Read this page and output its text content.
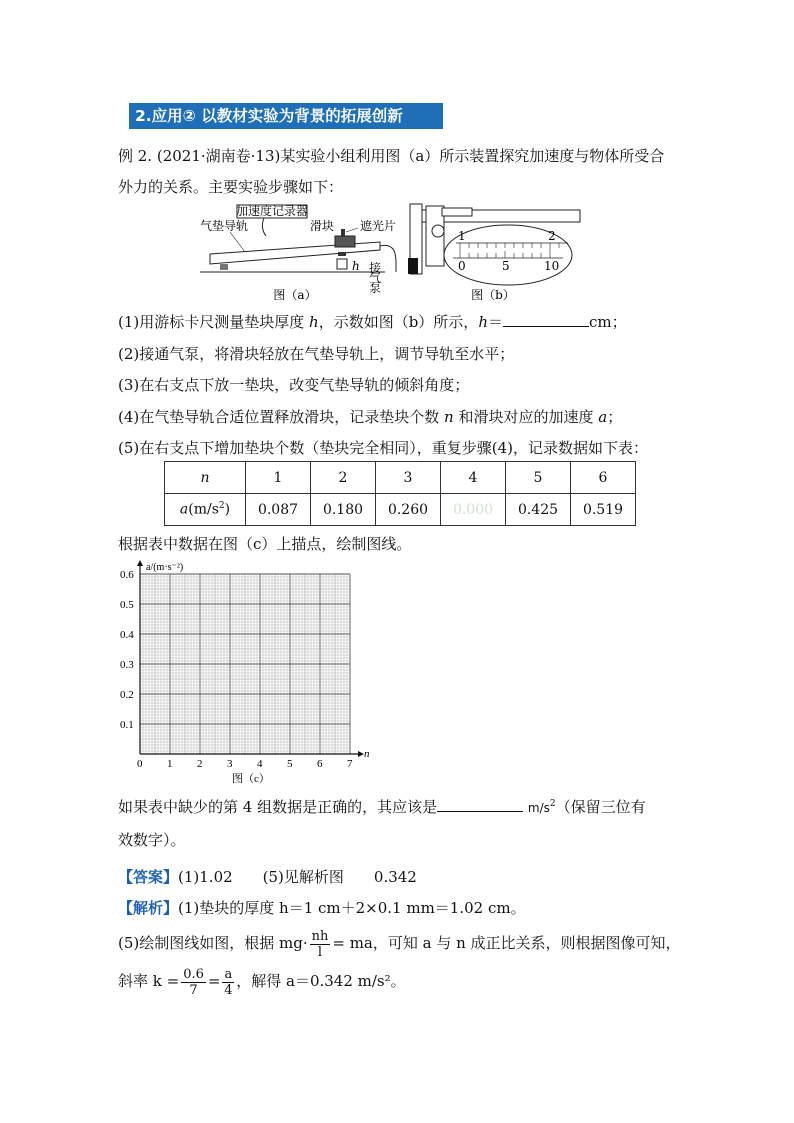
2.应用② 以教材实验为背景的拓展创新
例 2. (2021·湖南卷·13)某实验小组利用图（a）所示装置探究加速度与物体所受合
外力的关系。主要实验步骤如下：
加速度记录器
气垫导轨	滑块 遮光片
h 接
气
泵
图（a）
1	2
0	5	10
图（b）
(1)用游标卡尺测量垫块厚度 h，示数如图（b）所示，h＝	cm；
(2)接通气泵，将滑块轻放在气垫导轨上，调节导轨至水平；
(3)在右支点下放一垫块，改变气垫导轨的倾斜角度；
(4)在气垫导轨合适位置释放滑块，记录垫块个数 n 和滑块对应的加速度 a；
(5)在右支点下增加垫块个数（垫块完全相同），重复步骤(4)，记录数据如下表：
n	1	2	3	4	5	6
$a(m/s^2)$	0.087	0.180	0.260	0.000	0.425	0.519
根据表中数据在图（c）上描点，绘制图线。
0 1 2 3 4 5 6 7
0.1
0.2
0.3
0.4
0.5
0.6
n
a/(m·s⁻²)
图（c）
如果表中缺少的第 4 组数据是正确的，其应该是	$m/s^2$（保留三位有
效数字）。
【答案】(1)1.02　　(5)见解析图　　0.342
【解析】(1)垫块的厚度 h＝1 cm＋2×0.1 mm＝1.02 cm。
(5)绘制图线如图，根据 $mg\cdot \frac{nh}{l}$ = ma，可知 a 与 n 成正比关系，则根据图像可知，
斜率 $k = \frac{0.6}{7} = \frac{a}{4}$ ，解得 a＝0.342 m/s²。
